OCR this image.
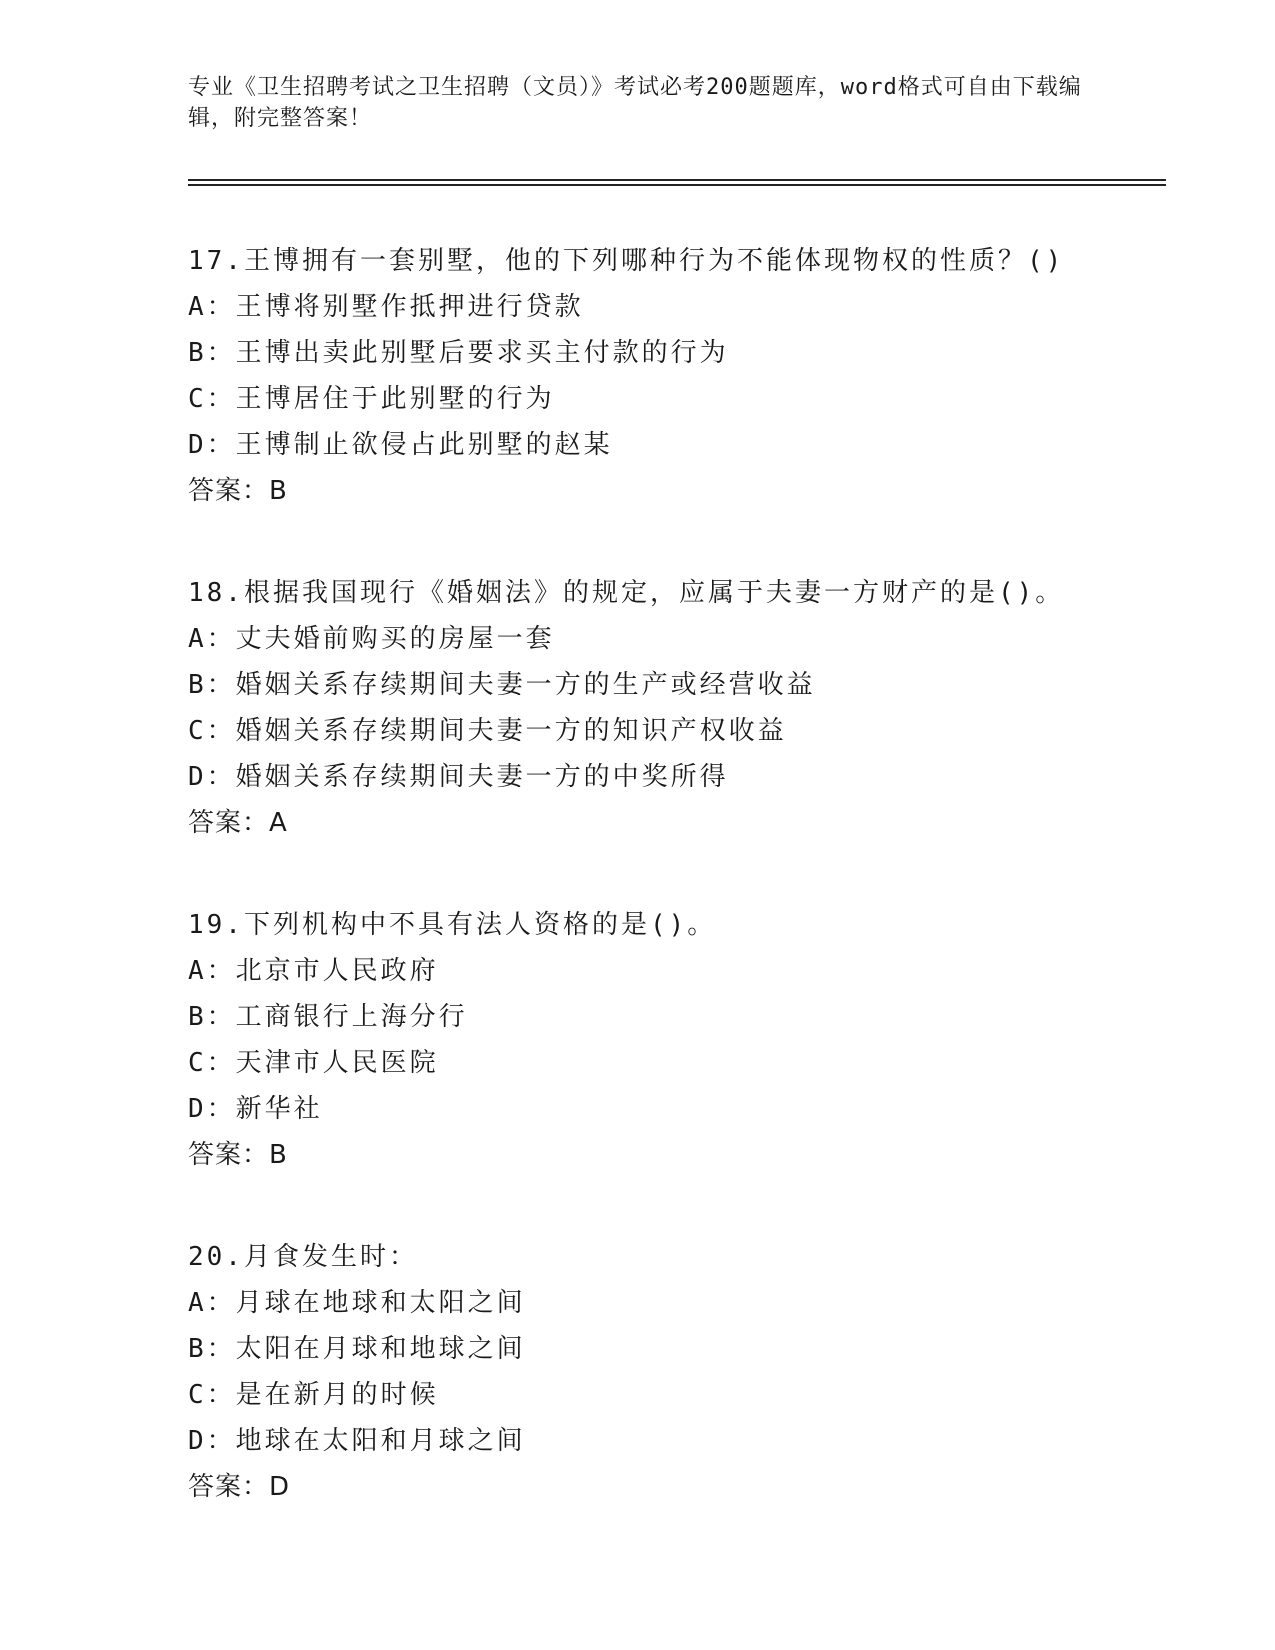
专业《卫生招聘考试之卫生招聘（文员）》考试必考200题题库，word格式可自由下载编辑，附完整答案！
17.王博拥有一套别墅，他的下列哪种行为不能体现物权的性质？()
A：王博将别墅作抵押进行贷款
B：王博出卖此别墅后要求买主付款的行为
C：王博居住于此别墅的行为
D：王博制止欲侵占此别墅的赵某
答案：B
18.根据我国现行《婚姻法》的规定，应属于夫妻一方财产的是()。
A：丈夫婚前购买的房屋一套
B：婚姻关系存续期间夫妻一方的生产或经营收益
C：婚姻关系存续期间夫妻一方的知识产权收益
D：婚姻关系存续期间夫妻一方的中奖所得
答案：A
19.下列机构中不具有法人资格的是()。
A：北京市人民政府
B：工商银行上海分行
C：天津市人民医院
D：新华社
答案：B
20.月食发生时：
A：月球在地球和太阳之间
B：太阳在月球和地球之间
C：是在新月的时候
D：地球在太阳和月球之间
答案：D
